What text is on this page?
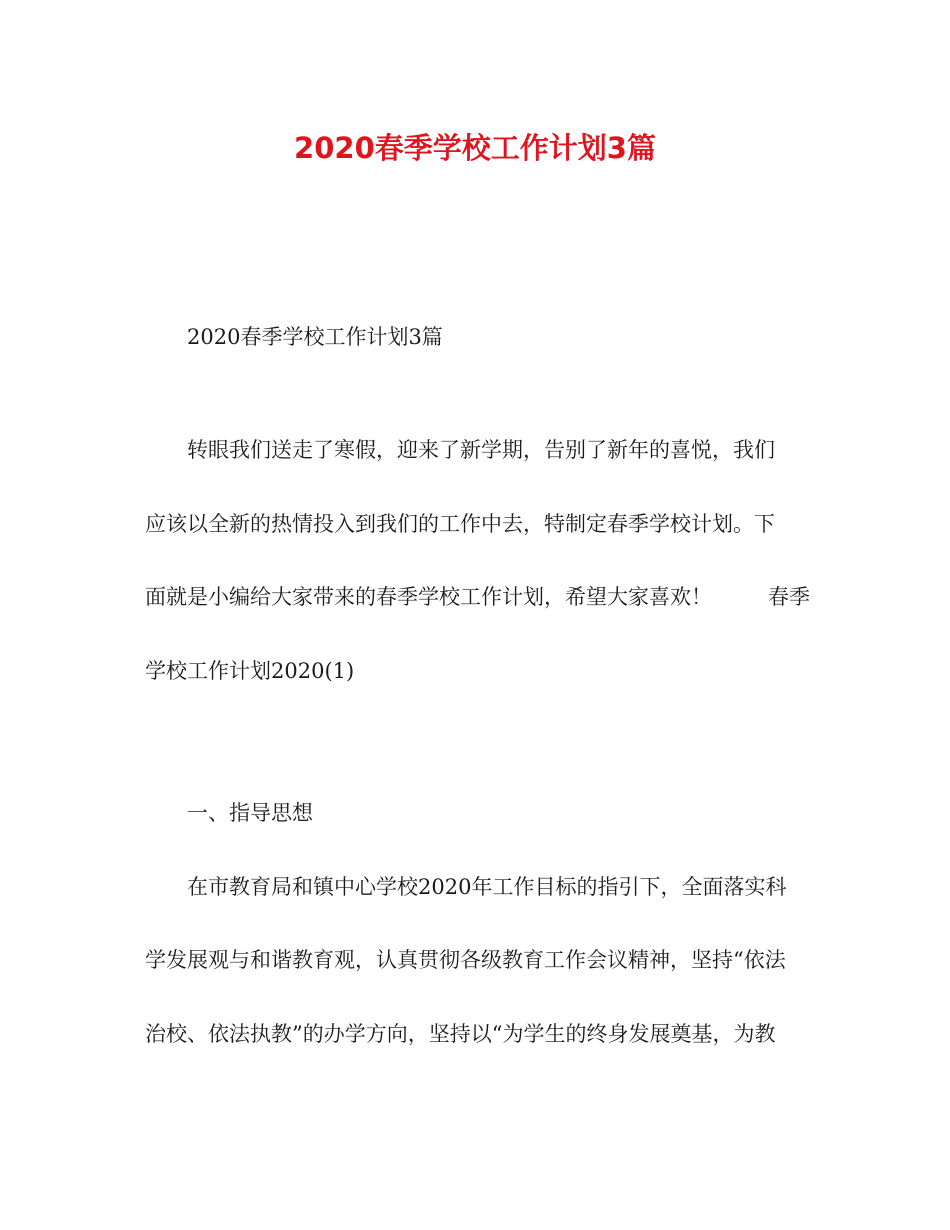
2020春季学校工作计划3篇
2020春季学校工作计划3篇
转眼我们送走了寒假，迎来了新学期，告别了新年的喜悦，我们
应该以全新的热情投入到我们的工作中去，特制定春季学校计划。下
面就是小编给大家带来的春季学校工作计划，希望大家喜欢！	春季
学校工作计划2020(1)
一、指导思想
在市教育局和镇中心学校2020年工作目标的指引下，全面落实科
学发展观与和谐教育观，认真贯彻各级教育工作会议精神，坚持“依法
治校、依法执教”的办学方向，坚持以“为学生的终身发展奠基，为教
